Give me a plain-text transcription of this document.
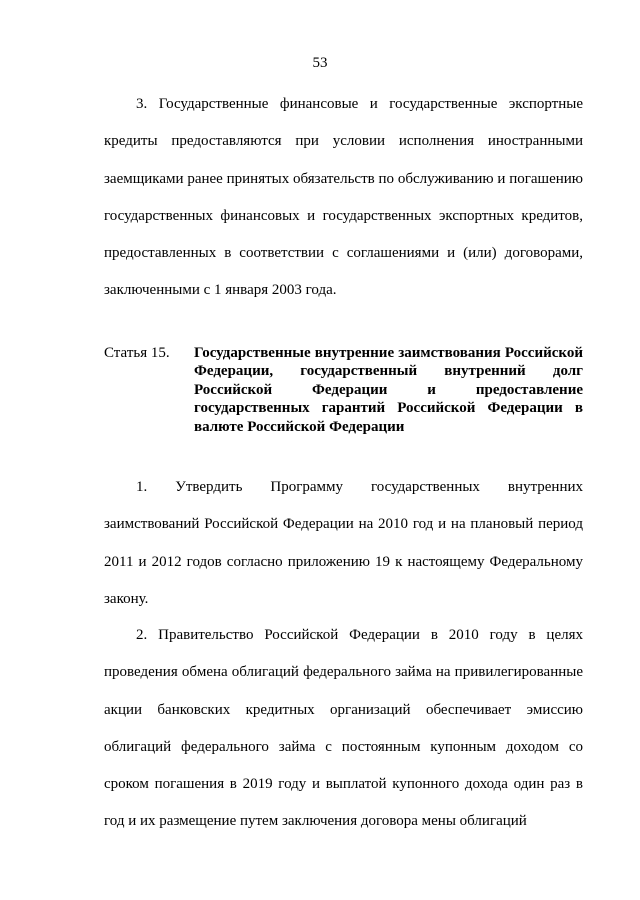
53
3. Государственные финансовые и государственные экспортные кредиты предоставляются при условии исполнения иностранными заемщиками ранее принятых обязательств по обслуживанию и погашению государственных финансовых и государственных экспортных кредитов, предоставленных в соответствии с соглашениями и (или) договорами, заключенными с 1 января 2003 года.
Статья 15.	Государственные внутренние заимствования Российской Федерации, государственный внутренний долг Российской Федерации и предоставление государственных гарантий Российской Федерации в валюте Российской Федерации
1. Утвердить Программу государственных внутренних заимствований Российской Федерации на 2010 год и на плановый период 2011 и 2012 годов согласно приложению 19 к настоящему Федеральному закону.
2. Правительство Российской Федерации в 2010 году в целях проведения обмена облигаций федерального займа на привилегированные акции банковских кредитных организаций обеспечивает эмиссию облигаций федерального займа с постоянным купонным доходом со сроком погашения в 2019 году и выплатой купонного дохода один раз в год и их размещение путем заключения договора мены облигаций
